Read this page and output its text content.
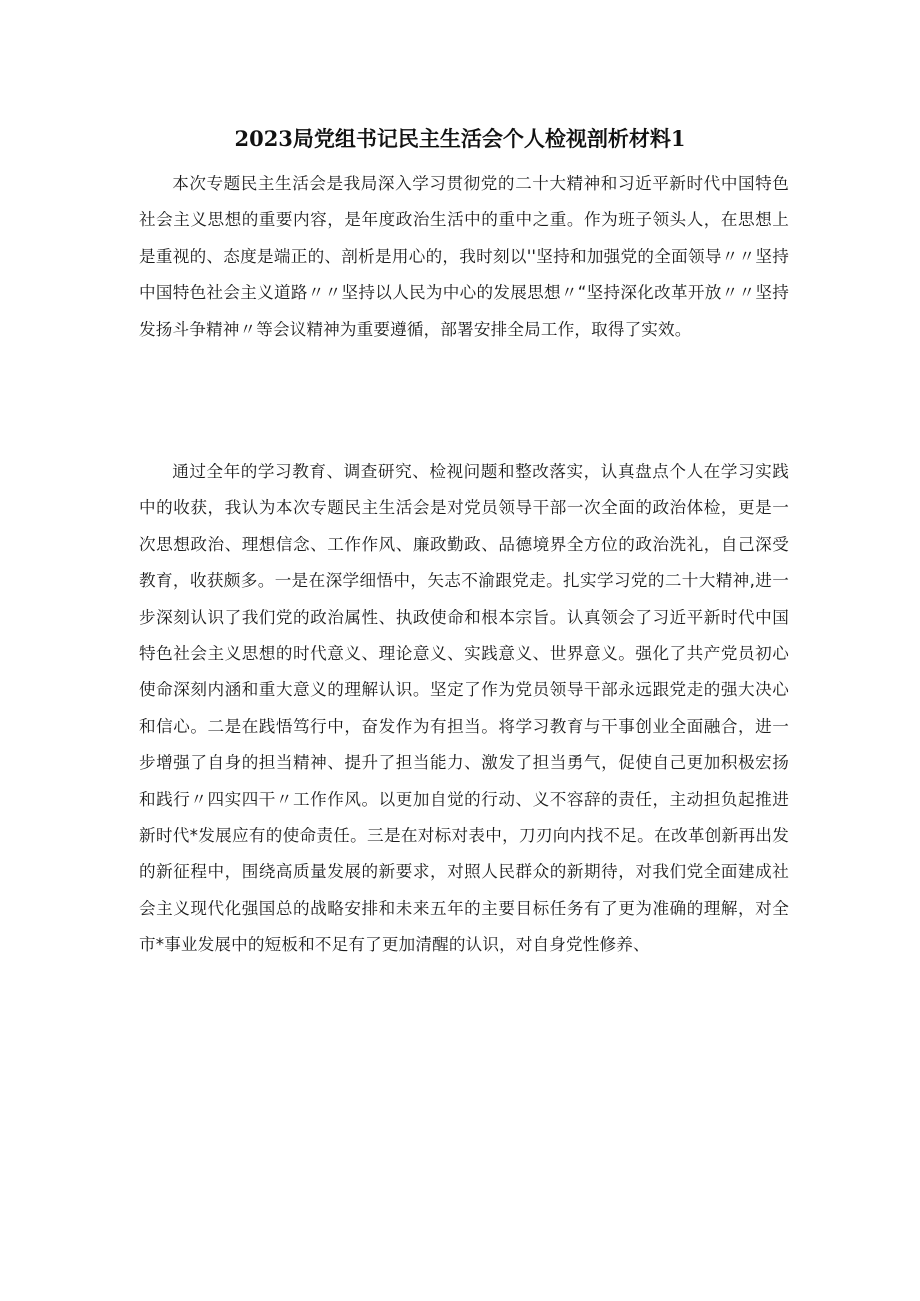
2023局党组书记民主生活会个人检视剖析材料1

本次专题民主生活会是我局深入学习贯彻党的二十大精神和习近平新时代中国特色社会主义思想的重要内容，是年度政治生活中的重中之重。作为班子领头人，在思想上是重视的、态度是端正的、剖析是用心的，我时刻以''坚持和加强党的全面领导〃〃坚持中国特色社会主义道路〃〃坚持以人民为中心的发展思想〃“坚持深化改革开放〃〃坚持发扬斗争精神〃等会议精神为重要遵循，部署安排全局工作，取得了实效。

通过全年的学习教育、调查研究、检视问题和整改落实，认真盘点个人在学习实践中的收获，我认为本次专题民主生活会是对党员领导干部一次全面的政治体检，更是一次思想政治、理想信念、工作作风、廉政勤政、品德境界全方位的政治洗礼，自己深受教育，收获颇多。一是在深学细悟中，矢志不渝跟党走。扎实学习党的二十大精神,进一步深刻认识了我们党的政治属性、执政使命和根本宗旨。认真领会了习近平新时代中国特色社会主义思想的时代意义、理论意义、实践意义、世界意义。强化了共产党员初心使命深刻内涵和重大意义的理解认识。坚定了作为党员领导干部永远跟党走的强大决心和信心。二是在践悟笃行中，奋发作为有担当。将学习教育与干事创业全面融合，进一步增强了自身的担当精神、提升了担当能力、激发了担当勇气，促使自己更加积极宏扬和践行〃四实四干〃工作作风。以更加自觉的行动、义不容辞的责任，主动担负起推进新时代*发展应有的使命责任。三是在对标对表中，刀刃向内找不足。在改革创新再出发的新征程中，围绕高质量发展的新要求，对照人民群众的新期待，对我们党全面建成社会主义现代化强国总的战略安排和未来五年的主要目标任务有了更为准确的理解，对全市*事业发展中的短板和不足有了更加清醒的认识，对自身党性修养、
